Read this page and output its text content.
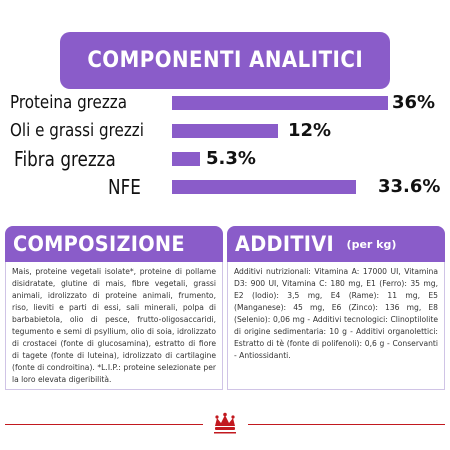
COMPONENTI ANALITICI
Proteina grezza	36%
Oli e grassi grezzi	12%
Fibra grezza	5.3%
NFE	33.6%
COMPOSIZIONE

Mais, proteine vegetali isolate*, proteine di pollame disidratate, glutine di mais, fibre vegetali, grassi animali, idrolizzato di proteine animali, frumento, riso, lieviti e parti di essi, sali minerali, polpa di barbabietola, olio di pesce, frutto-oligosaccaridi, tegumento e semi di psyllium, olio di soia, idrolizzato di crostacei (fonte di glucosamina), estratto di fiore di tagete (fonte di luteina), idrolizzato di cartilagine (fonte di condroitina). *L.I.P.: proteine selezionate per la loro elevata digeribilità.

ADDITIVI (per kg)

Additivi nutrizionali: Vitamina A: 17000 UI, Vitamina D3: 900 UI, Vitamina C: 180 mg, E1 (Ferro): 35 mg, E2 (Iodio): 3,5 mg, E4 (Rame): 11 mg, E5 (Manganese): 45 mg, E6 (Zinco): 136 mg, E8 (Selenio): 0,06 mg - Additivi tecnologici: Clinoptilolite di origine sedimentaria: 10 g - Additivi organolettici: Estratto di tè (fonte di polifenoli): 0,6 g - Conservanti - Antiossidanti.
